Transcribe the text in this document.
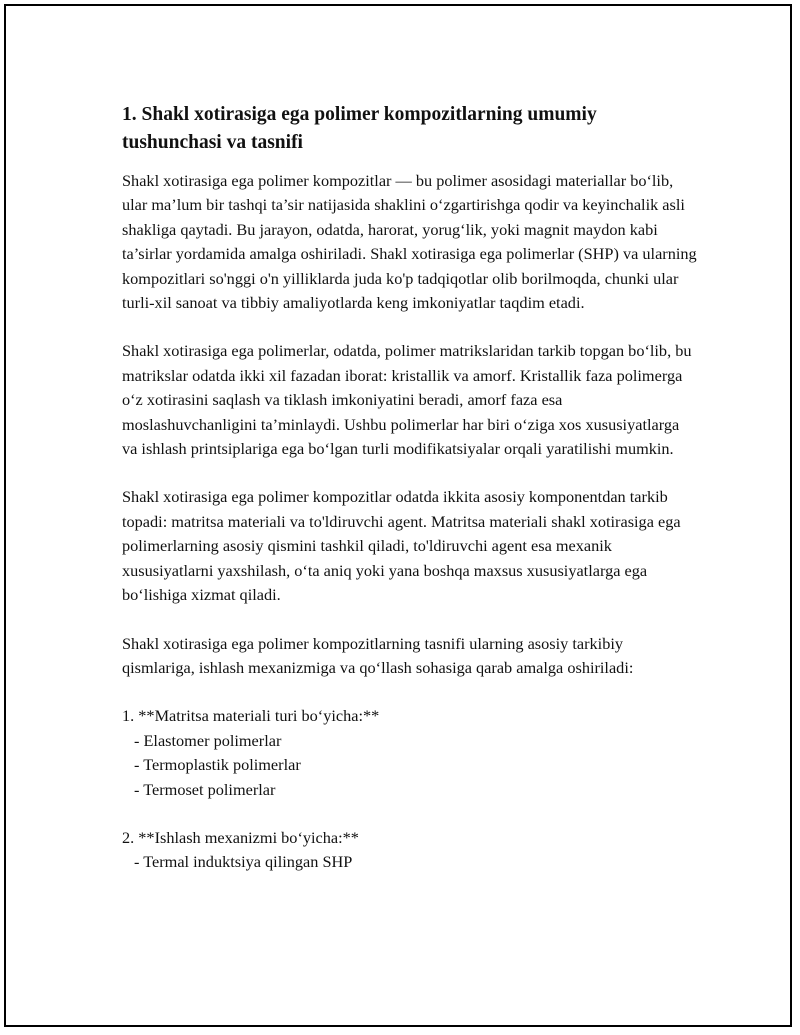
1. Shakl xotirasiga ega polimer kompozitlarning umumiy tushunchasi va tasnifi

Shakl xotirasiga ega polimer kompozitlar — bu polimer asosidagi materiallar bo‘lib, ular ma’lum bir tashqi ta’sir natijasida shaklini o‘zgartirishga qodir va keyinchalik asli shakliga qaytadi. Bu jarayon, odatda, harorat, yorug‘lik, yoki magnit maydon kabi ta’sirlar yordamida amalga oshiriladi. Shakl xotirasiga ega polimerlar (SHP) va ularning kompozitlari so'nggi o'n yilliklarda juda ko'p tadqiqotlar olib borilmoqda, chunki ular turli-xil sanoat va tibbiy amaliyotlarda keng imkoniyatlar taqdim etadi.

Shakl xotirasiga ega polimerlar, odatda, polimer matrikslaridan tarkib topgan bo‘lib, bu matrikslar odatda ikki xil fazadan iborat: kristallik va amorf. Kristallik faza polimerga o‘z xotirasini saqlash va tiklash imkoniyatini beradi, amorf faza esa moslashuvchanligini ta’minlaydi. Ushbu polimerlar har biri o‘ziga xos xususiyatlarga va ishlash printsiplariga ega bo‘lgan turli modifikatsiyalar orqali yaratilishi mumkin.

Shakl xotirasiga ega polimer kompozitlar odatda ikkita asosiy komponentdan tarkib topadi: matritsa materiali va to'ldiruvchi agent. Matritsa materiali shakl xotirasiga ega polimerlarning asosiy qismini tashkil qiladi, to'ldiruvchi agent esa mexanik xususiyatlarni yaxshilash, o‘ta aniq yoki yana boshqa maxsus xususiyatlarga ega bo‘lishiga xizmat qiladi.

Shakl xotirasiga ega polimer kompozitlarning tasnifi ularning asosiy tarkibiy qismlariga, ishlash mexanizmiga va qo‘llash sohasiga qarab amalga oshiriladi:

1. **Matritsa materiali turi bo‘yicha:**
- Elastomer polimerlar
- Termoplastik polimerlar
- Termoset polimerlar
2. **Ishlash mexanizmi bo‘yicha:**
- Termal induktsiya qilingan SHP
